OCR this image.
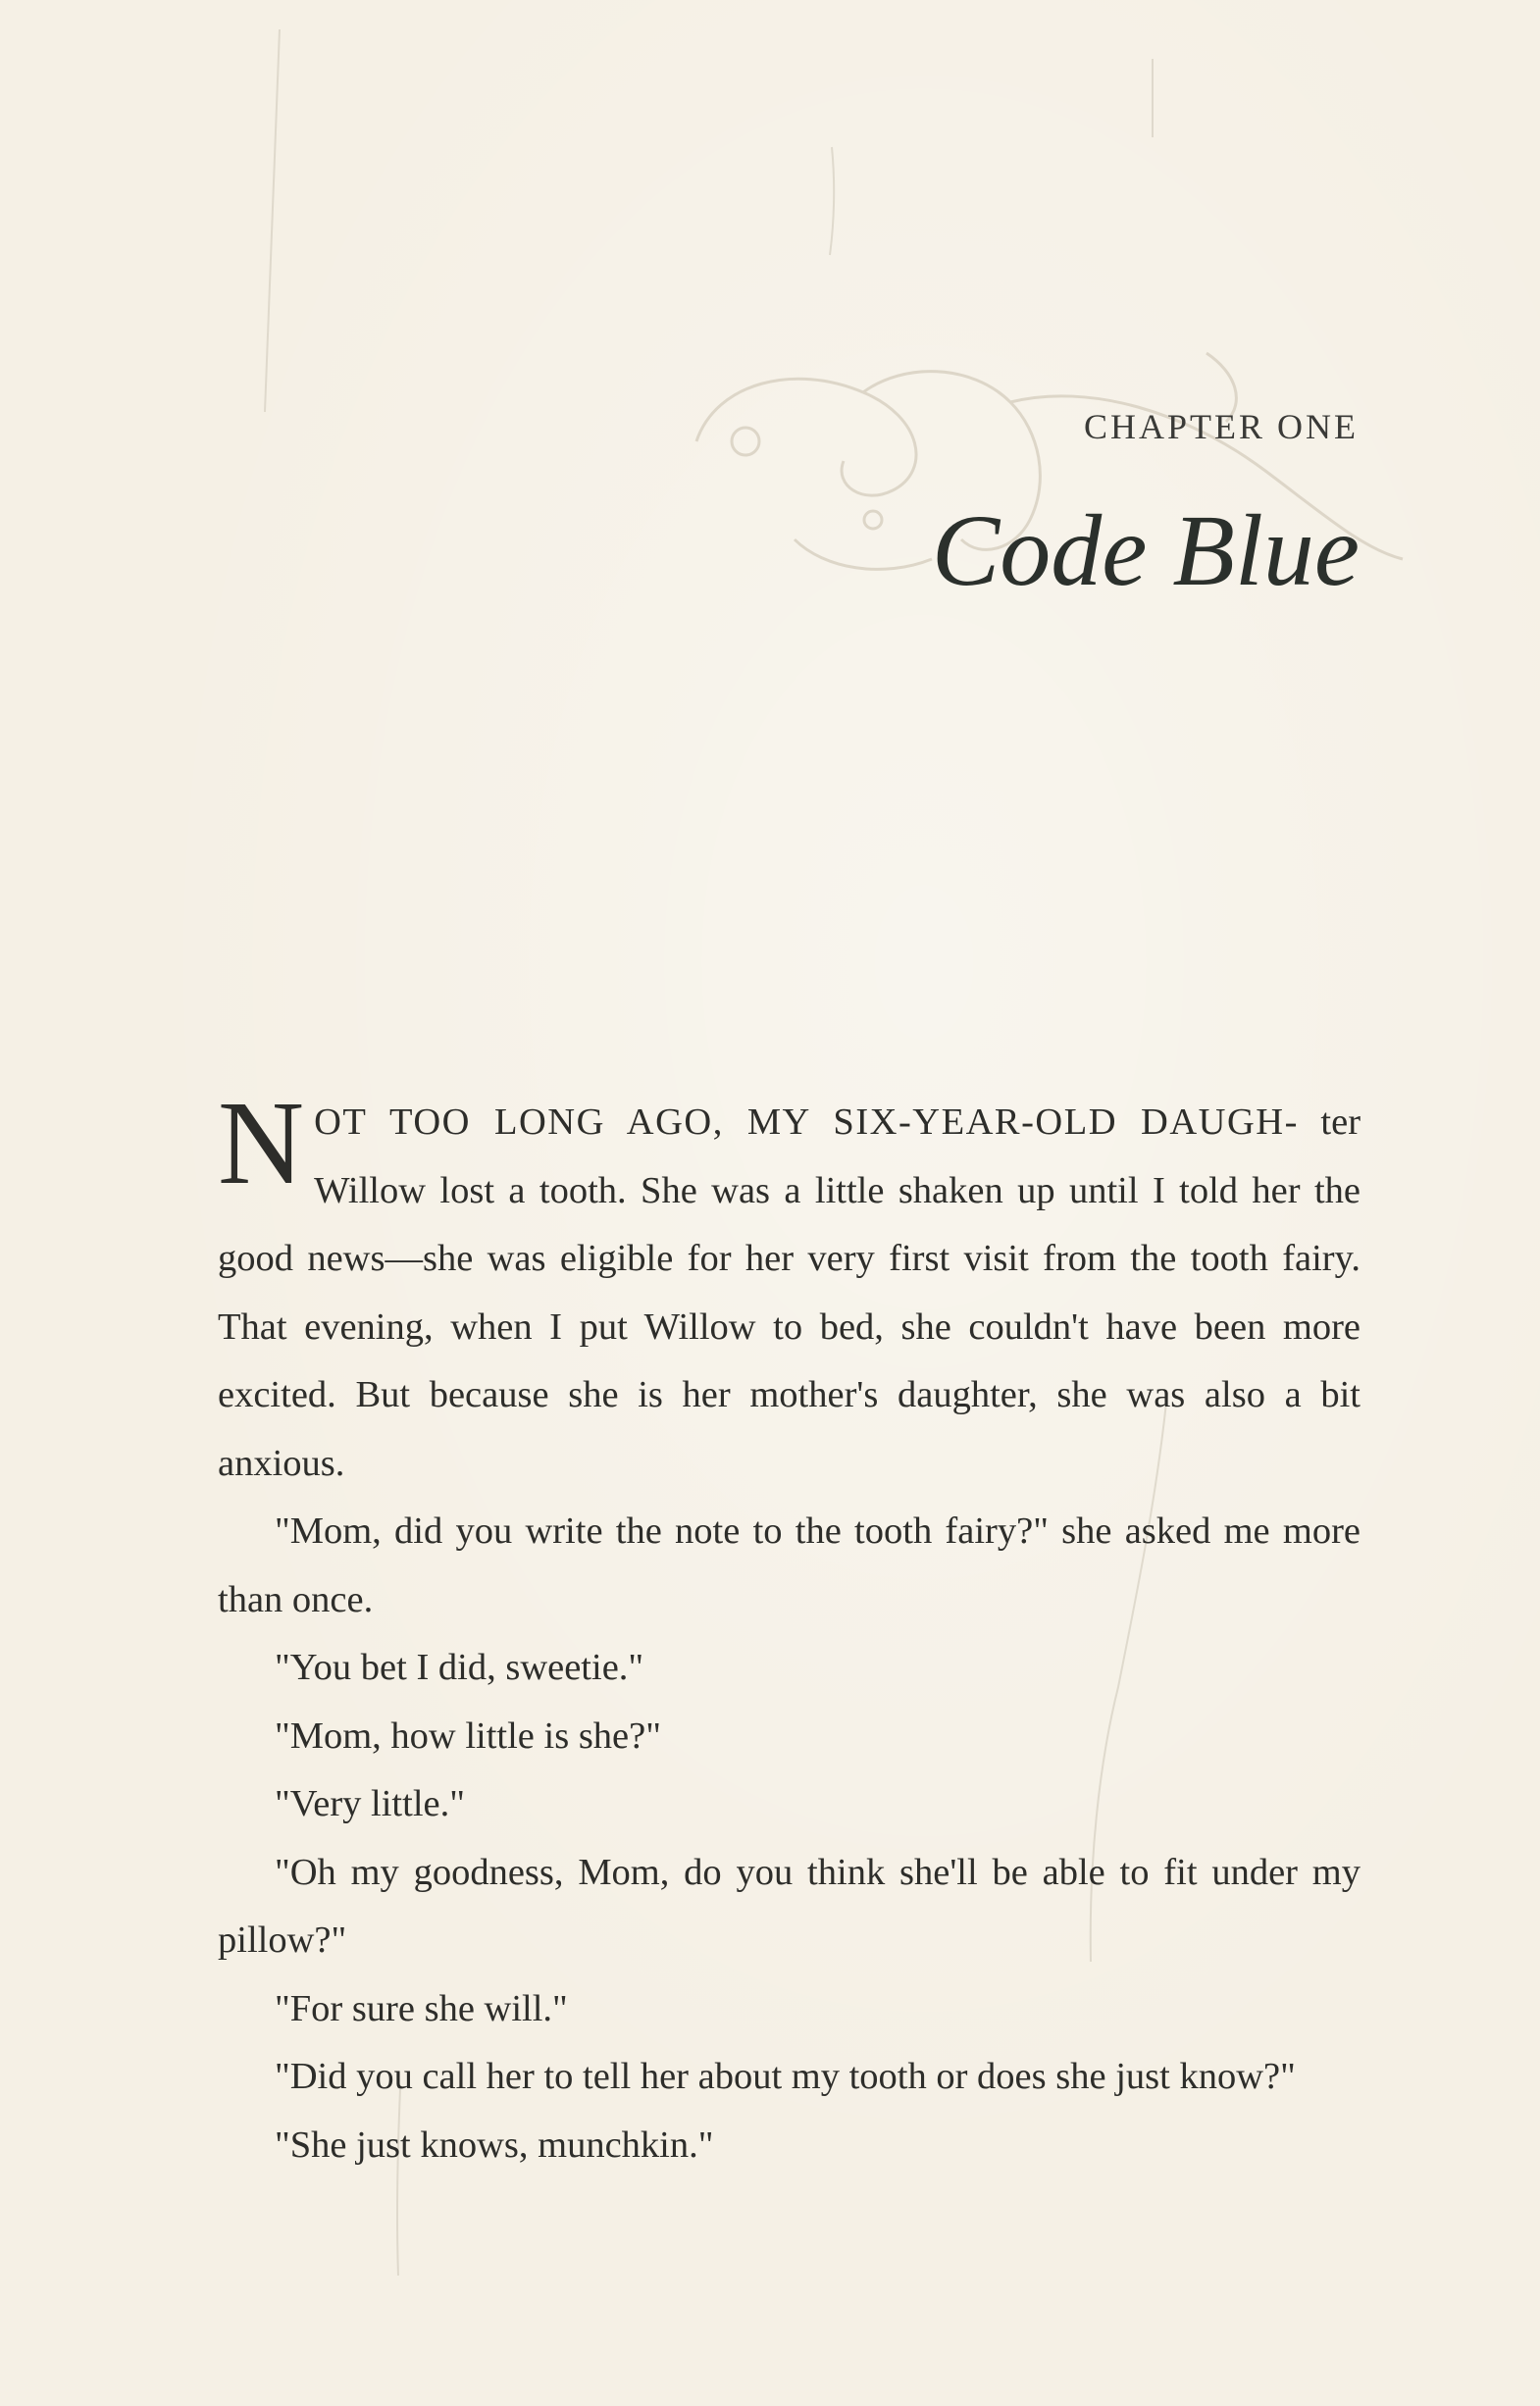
CHAPTER ONE
Code Blue

NOT TOO LONG AGO, MY SIX-YEAR-OLD DAUGH- ter Willow lost a tooth. She was a little shaken up until I told her the good news—she was eligible for her very first visit from the tooth fairy. That evening, when I put Willow to bed, she couldn't have been more excited. But because she is her mother's daughter, she was also a bit anxious.

"Mom, did you write the note to the tooth fairy?" she asked me more than once.

"You bet I did, sweetie."

"Mom, how little is she?"

"Very little."

"Oh my goodness, Mom, do you think she'll be able to fit under my pillow?"

"For sure she will."

"Did you call her to tell her about my tooth or does she just know?"

"She just knows, munchkin."
